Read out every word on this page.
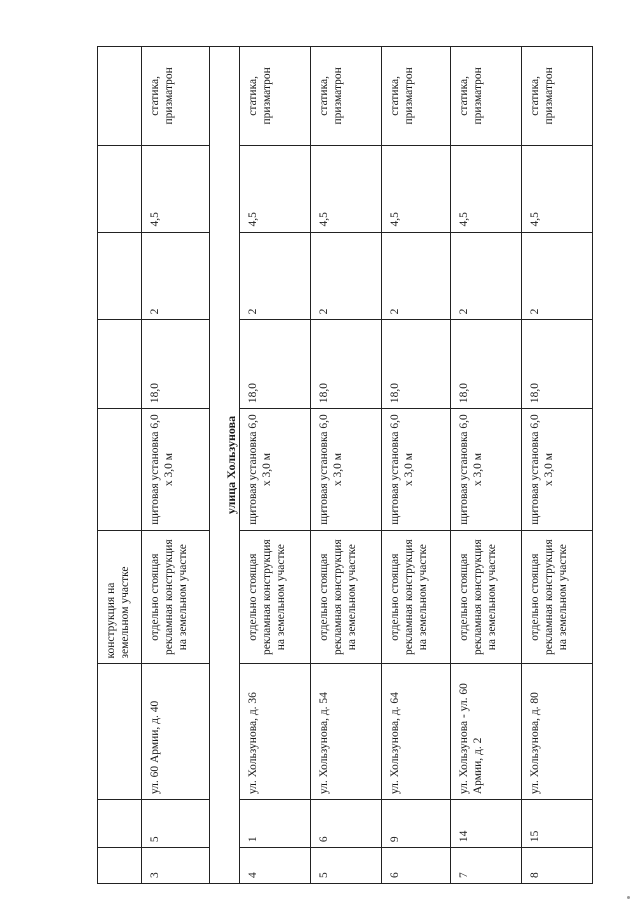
конструкция на земельном участке
3
5
ул. 60 Армии, д. 40
отдельно стоящая рекламная конструкция на земельном участке
щитовая установка 6,0 х 3,0 м
18,0
2
4,5
статика, призматрон
улица Хользунова
4
1
ул. Хользунова, д. 36
отдельно стоящая рекламная конструкция на земельном участке
щитовая установка 6,0 х 3,0 м
18,0
2
4,5
статика, призматрон
5
6
ул. Хользунова, д. 54
отдельно стоящая рекламная конструкция на земельном участке
щитовая установка 6,0 х 3,0 м
18,0
2
4,5
статика, призматрон
6
9
ул. Хользунова, д. 64
отдельно стоящая рекламная конструкция на земельном участке
щитовая установка 6,0 х 3,0 м
18,0
2
4,5
статика, призматрон
7
14
ул. Хользунова - ул. 60 Армии, д. 2
отдельно стоящая рекламная конструкция на земельном участке
щитовая установка 6,0 х 3,0 м
18,0
2
4,5
статика, призматрон
8
15
ул. Хользунова, д. 80
отдельно стоящая рекламная конструкция на земельном участке
щитовая установка 6,0 х 3,0 м
18,0
2
4,5
статика, призматрон
